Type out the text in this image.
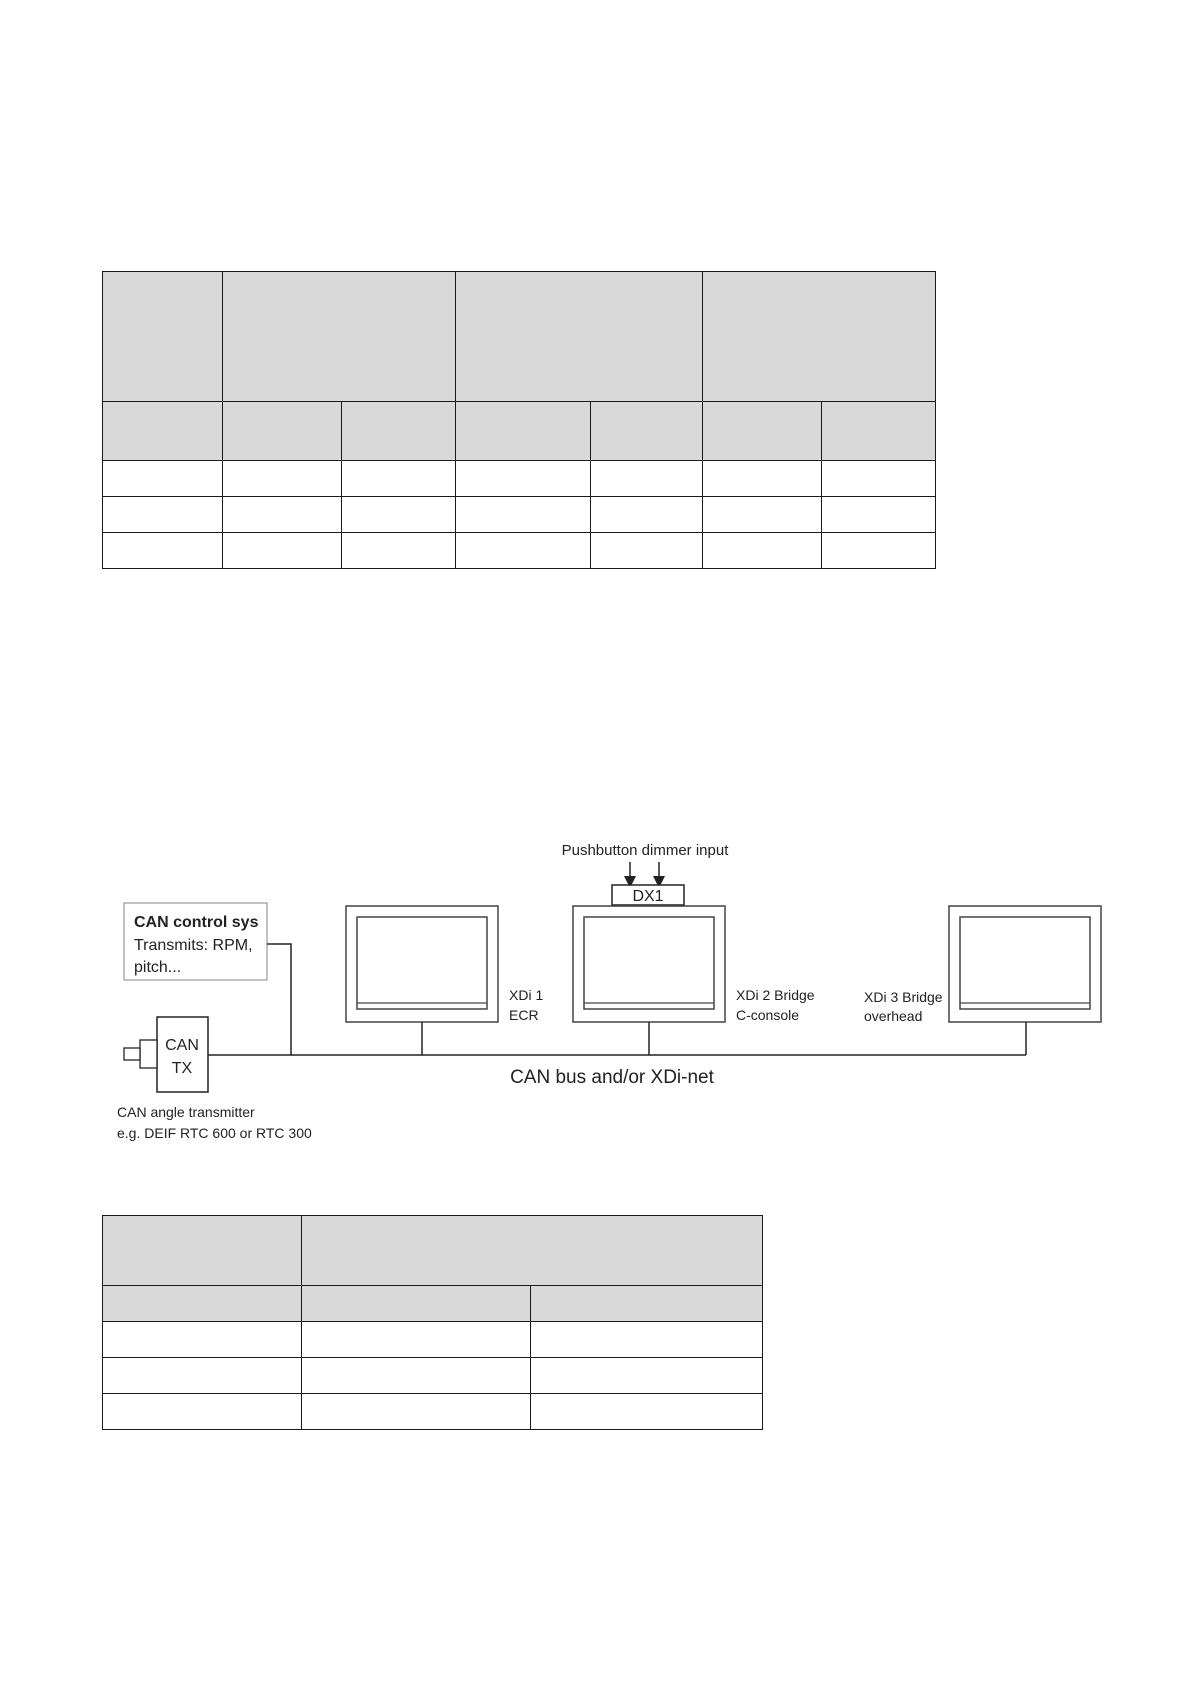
Pushbutton dimmer input
DX1
CAN control sys
Transmits: RPM,
pitch...
CAN
TX
CAN angle transmitter
e.g. DEIF RTC 600 or RTC 300
CAN bus and/or XDi-net
XDi 1
ECR
XDi 2 Bridge
C-console
XDi 3 Bridge
overhead
